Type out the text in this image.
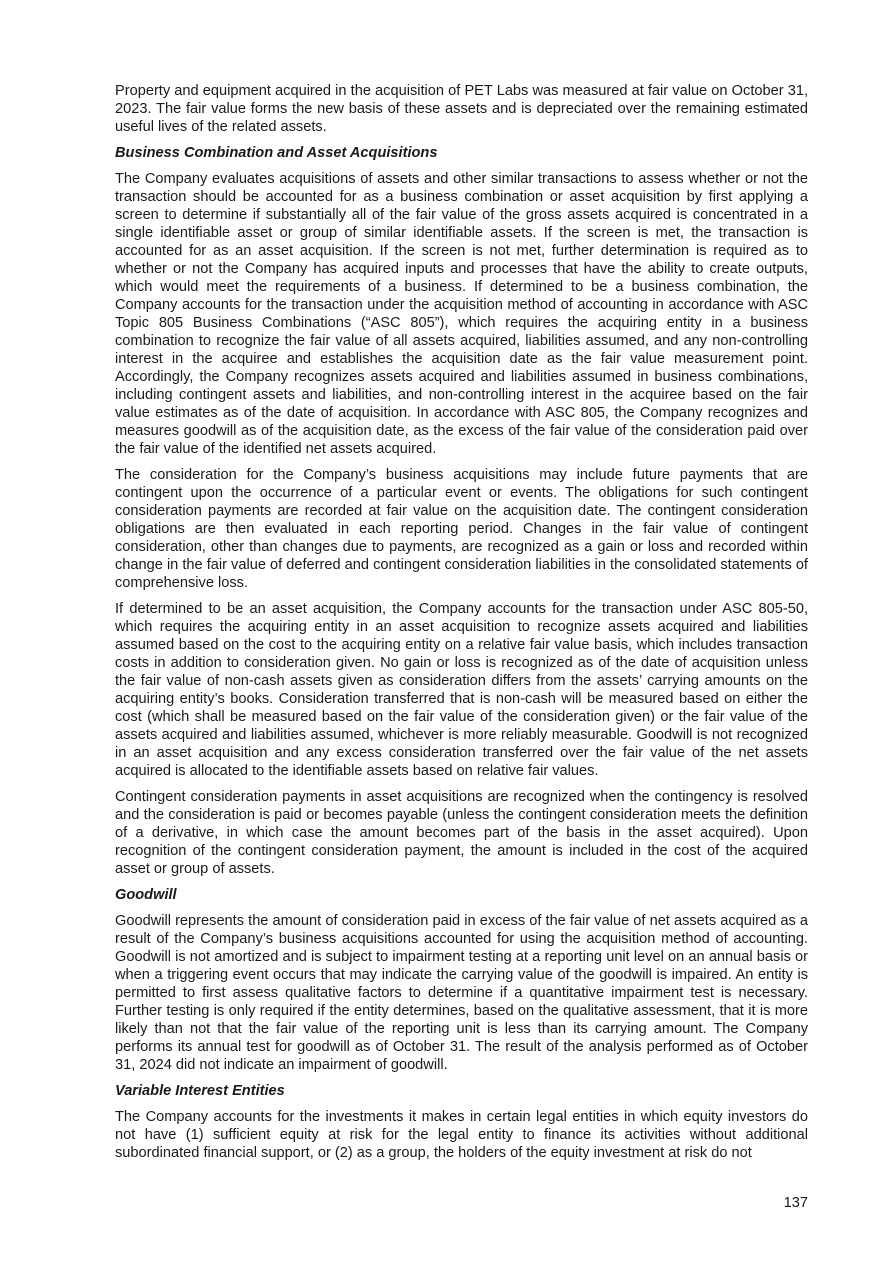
Property and equipment acquired in the acquisition of PET Labs was measured at fair value on October 31, 2023. The fair value forms the new basis of these assets and is depreciated over the remaining estimated useful lives of the related assets.

Business Combination and Asset Acquisitions

The Company evaluates acquisitions of assets and other similar transactions to assess whether or not the transaction should be accounted for as a business combination or asset acquisition by first applying a screen to determine if substantially all of the fair value of the gross assets acquired is concentrated in a single identifiable asset or group of similar identifiable assets. If the screen is met, the transaction is accounted for as an asset acquisition. If the screen is not met, further determination is required as to whether or not the Company has acquired inputs and processes that have the ability to create outputs, which would meet the requirements of a business. If determined to be a business combination, the Company accounts for the transaction under the acquisition method of accounting in accordance with ASC Topic 805 Business Combinations (“ASC 805”), which requires the acquiring entity in a business combination to recognize the fair value of all assets acquired, liabilities assumed, and any non-controlling interest in the acquiree and establishes the acquisition date as the fair value measurement point. Accordingly, the Company recognizes assets acquired and liabilities assumed in business combinations, including contingent assets and liabilities, and non-controlling interest in the acquiree based on the fair value estimates as of the date of acquisition. In accordance with ASC 805, the Company recognizes and measures goodwill as of the acquisition date, as the excess of the fair value of the consideration paid over the fair value of the identified net assets acquired.

The consideration for the Company’s business acquisitions may include future payments that are contingent upon the occurrence of a particular event or events. The obligations for such contingent consideration payments are recorded at fair value on the acquisition date. The contingent consideration obligations are then evaluated in each reporting period. Changes in the fair value of contingent consideration, other than changes due to payments, are recognized as a gain or loss and recorded within change in the fair value of deferred and contingent consideration liabilities in the consolidated statements of comprehensive loss.

If determined to be an asset acquisition, the Company accounts for the transaction under ASC 805-50, which requires the acquiring entity in an asset acquisition to recognize assets acquired and liabilities assumed based on the cost to the acquiring entity on a relative fair value basis, which includes transaction costs in addition to consideration given. No gain or loss is recognized as of the date of acquisition unless the fair value of non-cash assets given as consideration differs from the assets’ carrying amounts on the acquiring entity’s books. Consideration transferred that is non-cash will be measured based on either the cost (which shall be measured based on the fair value of the consideration given) or the fair value of the assets acquired and liabilities assumed, whichever is more reliably measurable. Goodwill is not recognized in an asset acquisition and any excess consideration transferred over the fair value of the net assets acquired is allocated to the identifiable assets based on relative fair values.

Contingent consideration payments in asset acquisitions are recognized when the contingency is resolved and the consideration is paid or becomes payable (unless the contingent consideration meets the definition of a derivative, in which case the amount becomes part of the basis in the asset acquired). Upon recognition of the contingent consideration payment, the amount is included in the cost of the acquired asset or group of assets.

Goodwill

Goodwill represents the amount of consideration paid in excess of the fair value of net assets acquired as a result of the Company’s business acquisitions accounted for using the acquisition method of accounting. Goodwill is not amortized and is subject to impairment testing at a reporting unit level on an annual basis or when a triggering event occurs that may indicate the carrying value of the goodwill is impaired. An entity is permitted to first assess qualitative factors to determine if a quantitative impairment test is necessary. Further testing is only required if the entity determines, based on the qualitative assessment, that it is more likely than not that the fair value of the reporting unit is less than its carrying amount. The Company performs its annual test for goodwill as of October 31. The result of the analysis performed as of October 31, 2024 did not indicate an impairment of goodwill.

Variable Interest Entities

The Company accounts for the investments it makes in certain legal entities in which equity investors do not have (1) sufficient equity at risk for the legal entity to finance its activities without additional subordinated financial support, or (2) as a group, the holders of the equity investment at risk do not

137
